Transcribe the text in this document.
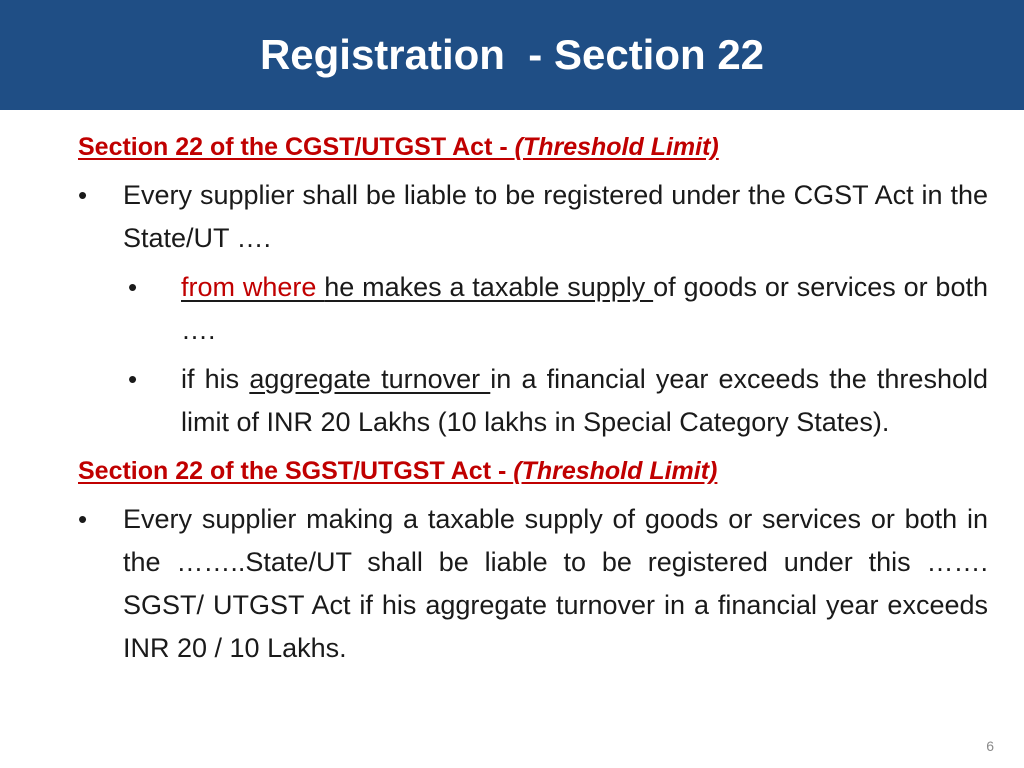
Registration  - Section 22

Section 22 of the CGST/UTGST Act - (Threshold Limit)

• Every supplier shall be liable to be registered under the CGST Act in the State/UT ….

• from where he makes a taxable supply of goods or services or both ….

• if his aggregate turnover in a financial year exceeds the threshold limit of INR 20 Lakhs (10 lakhs in Special Category States).

Section 22 of the SGST/UTGST Act - (Threshold Limit)

• Every supplier making a taxable supply of goods or services or both in the ……..State/UT shall be liable to be registered under this ……. SGST/ UTGST Act if his aggregate turnover in a financial year exceeds INR 20 / 10 Lakhs.

6
